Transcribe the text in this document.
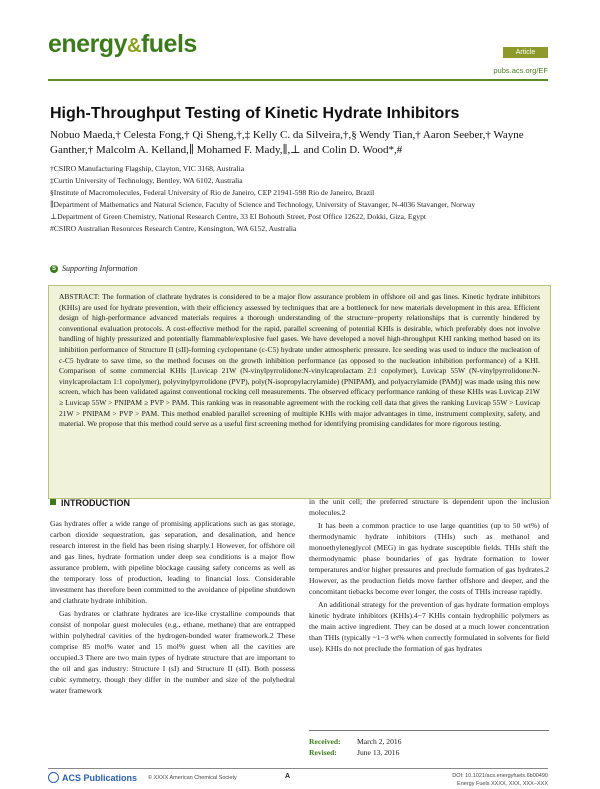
energy&fuels	Article
pubs.acs.org/EF
High-Throughput Testing of Kinetic Hydrate Inhibitors
Nobuo Maeda,† Celesta Fong,† Qi Sheng,†,‡ Kelly C. da Silveira,†,§ Wendy Tian,† Aaron Seeber,† Wayne Ganther,† Malcolm A. Kelland,∥ Mohamed F. Mady,∥,⊥ and Colin D. Wood*,#
†CSIRO Manufacturing Flagship, Clayton, VIC 3168, Australia
‡Curtin University of Technology, Bentley, WA 6102, Australia
§Institute of Macromolecules, Federal University of Rio de Janeiro, CEP 21941-598 Rio de Janeiro, Brazil
∥Department of Mathematics and Natural Science, Faculty of Science and Technology, University of Stavanger, N-4036 Stavanger, Norway
⊥Department of Green Chemistry, National Research Centre, 33 El Bohouth Street, Post Office 12622, Dokki, Giza, Egypt
#CSIRO Australian Resources Research Centre, Kensington, WA 6152, Australia
S Supporting Information
ABSTRACT: The formation of clathrate hydrates is considered to be a major flow assurance problem in offshore oil and gas lines. Kinetic hydrate inhibitors (KHIs) are used for hydrate prevention, with their efficiency assessed by techniques that are a bottleneck for new materials development in this area. Efficient design of high-performance advanced materials requires a thorough understanding of the structure−property relationships that is currently hindered by conventional evaluation protocols. A cost-effective method for the rapid, parallel screening of potential KHIs is desirable, which preferably does not involve handling of highly pressurized and potentially flammable/explosive fuel gases. We have developed a novel high-throughput KHI ranking method based on its inhibition performance of Structure II (sII)-forming cyclopentane (c-C5) hydrate under atmospheric pressure. Ice seeding was used to induce the nucleation of c-C5 hydrate to save time, so the method focuses on the growth inhibition performance (as opposed to the nucleation inhibition performance) of a KHI. Comparison of some commercial KHIs [Luvicap 21W (N-vinylpyrrolidone:N-vinylcaprolactam 2:1 copolymer), Luvicap 55W (N-vinylpyrrolidone:N-vinylcaprolactam 1:1 copolymer), polyvinylpyrrolidone (PVP), poly(N-isopropylacrylamide) (PNIPAM), and polyacrylamide (PAM)] was made using this new screen, which has been validated against conventional rocking cell measurements. The observed efficacy performance ranking of these KHIs was Luvicap 21W ≥ Luvicap 55W > PNIPAM ≥ PVP > PAM. This ranking was in reasonable agreement with the rocking cell data that gives the ranking Luvicap 55W > Luvicap 21W > PNIPAM > PVP > PAM. This method enabled parallel screening of multiple KHIs with major advantages in time, instrument complexity, safety, and material. We propose that this method could serve as a useful first screening method for identifying promising candidates for more rigorous testing.
INTRODUCTION

Gas hydrates offer a wide range of promising applications such as gas storage, carbon dioxide sequestration, gas separation, and desalination, and hence research interest in the field has been rising sharply.1 However, for offshore oil and gas lines, hydrate formation under deep sea conditions is a major flow assurance problem, with pipeline blockage causing safety concerns as well as the temporary loss of production, leading to financial loss. Considerable investment has therefore been committed to the avoidance of pipeline shutdown and clathrate hydrate inhibition.

Gas hydrates or clathrate hydrates are ice-like crystalline compounds that consist of nonpolar guest molecules (e.g., ethane, methane) that are entrapped within polyhedral cavities of the hydrogen-bonded water framework.2 These comprise 85 mol% water and 15 mol% guest when all the cavities are occupied.3 There are two main types of hydrate structure that are important to the oil and gas industry: Structure I (sI) and Structure II (sII). Both possess cubic symmetry, though they differ in the number and size of the polyhedral water framework

in the unit cell; the preferred structure is dependent upon the inclusion molecules.2

It has been a common practice to use large quantities (up to 50 wt%) of thermodynamic hydrate inhibitors (THIs) such as methanol and monoethyleneglycol (MEG) in gas hydrate susceptible fields. THIs shift the thermodynamic phase boundaries of gas hydrate formation to lower temperatures and/or higher pressures and preclude formation of gas hydrates.2 However, as the production fields move farther offshore and deeper, and the concomitant tiebacks become ever longer, the costs of THIs increase rapidly.

An additional strategy for the prevention of gas hydrate formation employs kinetic hydrate inhibitors (KHIs).4−7 KHIs contain hydrophilic polymers as the main active ingredient. They can be dosed at a much lower concentration than THIs (typically ~1−3 wt% when correctly formulated in solvents for field use). KHIs do not preclude the formation of gas hydrates

Received: March 2, 2016
Revised:	June 13, 2016
ACS Publications © XXXX American Chemical Society	A	DOI: 10.1021/acs.energyfuels.6b00490
Energy Fuels XXXX, XXX, XXX−XXX
